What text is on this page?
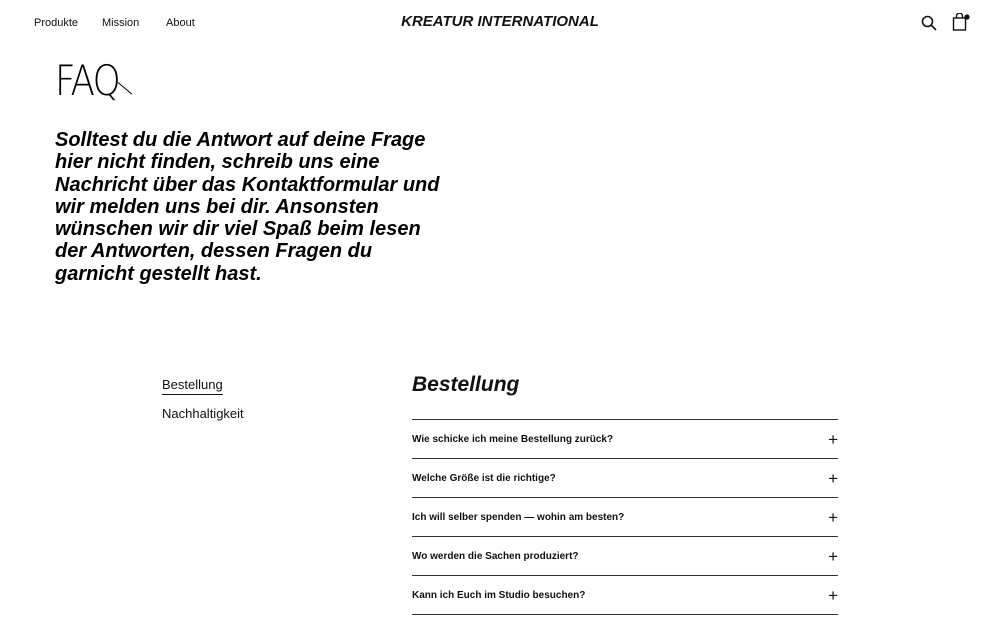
Produkte Mission About	KREATUR INTERNATIONAL
FAQ
Solltest du die Antwort auf deine Frage hier nicht finden, schreib uns eine Nachricht über das Kontaktformular und wir melden uns bei dir. Ansonsten wünschen wir dir viel Spaß beim lesen der Antworten, dessen Fragen du garnicht gestellt hast.
Bestellung
Nachhaltigkeit
Bestellung
Wie schicke ich meine Bestellung zurück?	+
Welche Größe ist die richtige?	+
Ich will selber spenden — wohin am besten?	+
Wo werden die Sachen produziert?	+
Kann ich Euch im Studio besuchen?	+
